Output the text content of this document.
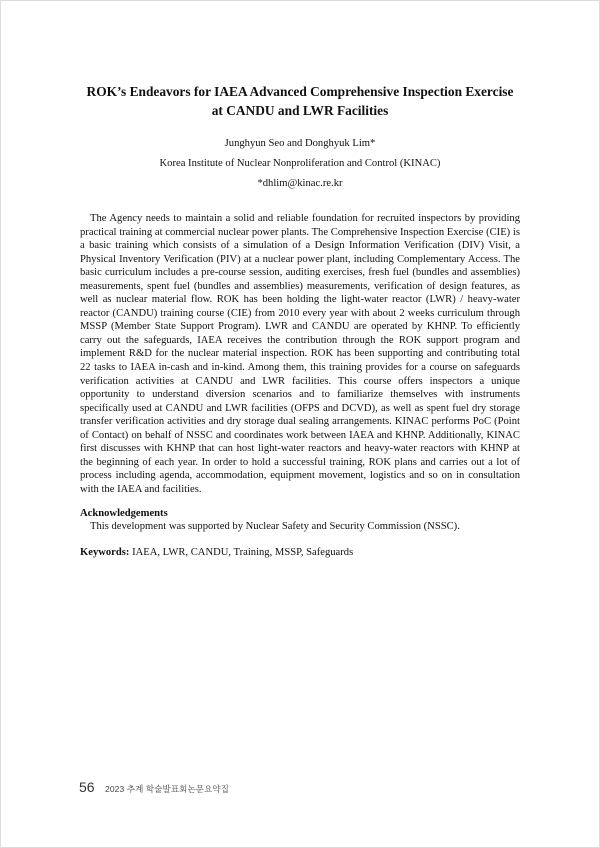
ROK’s Endeavors for IAEA Advanced Comprehensive Inspection Exercise
at CANDU and LWR Facilities
Junghyun Seo and Donghyuk Lim*
Korea Institute of Nuclear Nonproliferation and Control (KINAC)
*dhlim@kinac.re.kr

The Agency needs to maintain a solid and reliable foundation for recruited inspectors by providing practical training at commercial nuclear power plants. The Comprehensive Inspection Exercise (CIE) is a basic training which consists of a simulation of a Design Information Verification (DIV) Visit, a Physical Inventory Verification (PIV) at a nuclear power plant, including Complementary Access. The basic curriculum includes a pre-course session, auditing exercises, fresh fuel (bundles and assemblies) measurements, spent fuel (bundles and assemblies) measurements, verification of design features, as well as nuclear material flow. ROK has been holding the light-water reactor (LWR) / heavy-water reactor (CANDU) training course (CIE) from 2010 every year with about 2 weeks curriculum through MSSP (Member State Support Program). LWR and CANDU are operated by KHNP. To efficiently carry out the safeguards, IAEA receives the contribution through the ROK support program and implement R&D for the nuclear material inspection. ROK has been supporting and contributing total 22 tasks to IAEA in-cash and in-kind. Among them, this training provides for a course on safeguards verification activities at CANDU and LWR facilities. This course offers inspectors a unique opportunity to understand diversion scenarios and to familiarize themselves with instruments specifically used at CANDU and LWR facilities (OFPS and DCVD), as well as spent fuel dry storage transfer verification activities and dry storage dual sealing arrangements. KINAC performs PoC (Point of Contact) on behalf of NSSC and coordinates work between IAEA and KHNP. Additionally, KINAC first discusses with KHNP that can host light-water reactors and heavy-water reactors with KHNP at the beginning of each year. In order to hold a successful training, ROK plans and carries out a lot of process including agenda, accommodation, equipment movement, logistics and so on in consultation with the IAEA and facilities.

Acknowledgements
This development was supported by Nuclear Safety and Security Commission (NSSC).
Keywords: IAEA, LWR, CANDU, Training, MSSP, Safeguards
56 2023 추계 학술발표회논문요약집
